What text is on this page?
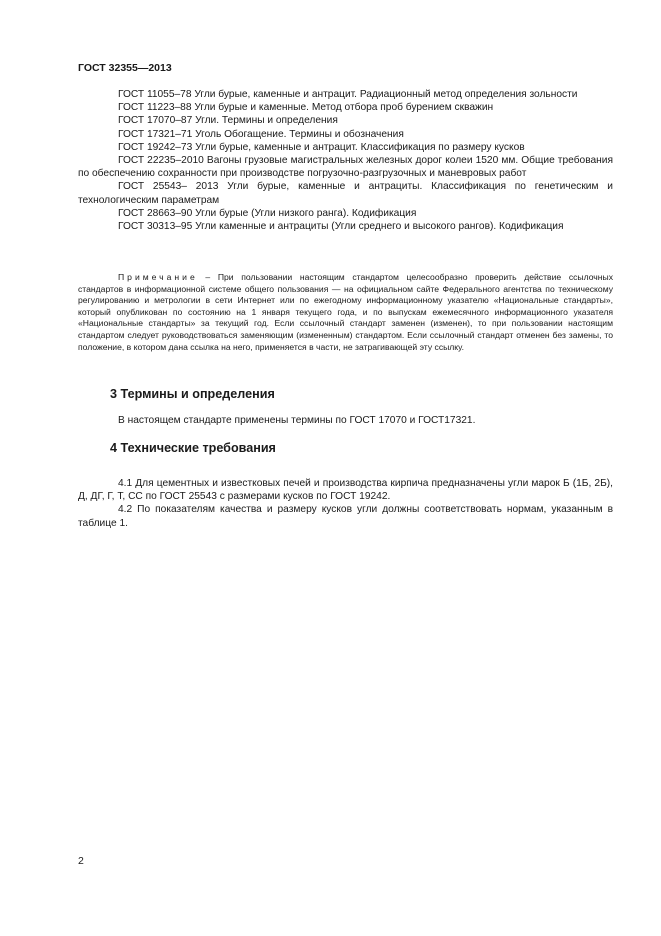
ГОСТ 32355—2013

ГОСТ 11055–78 Угли бурые, каменные и антрацит. Радиационный метод определения зольности

ГОСТ 11223–88 Угли бурые и каменные. Метод отбора проб бурением скважин

ГОСТ 17070–87 Угли. Термины и определения

ГОСТ 17321–71 Уголь Обогащение. Термины и обозначения

ГОСТ 19242–73 Угли бурые, каменные и антрацит. Классификация по размеру кусков

ГОСТ 22235–2010 Вагоны грузовые магистральных железных дорог колеи 1520 мм. Общие требования по обеспечению сохранности при производстве погрузочно-разгрузочных и маневровых работ

ГОСТ 25543– 2013 Угли бурые, каменные и антрациты. Классификация по генетическим и технологическим параметрам

ГОСТ 28663–90 Угли бурые (Угли низкого ранга). Кодификация

ГОСТ 30313–95 Угли каменные и антрациты (Угли среднего и высокого рангов). Кодификация

Примечание – При пользовании настоящим стандартом целесообразно проверить действие ссылочных стандартов в информационной системе общего пользования — на официальном сайте Федерального агентства по техническому регулированию и метрологии в сети Интернет или по ежегодному информационному указателю «Национальные стандарты», который опубликован по состоянию на 1 января текущего года, и по выпускам ежемесячного информационного указателя «Национальные стандарты» за текущий год. Если ссылочный стандарт заменен (изменен), то при пользовании настоящим стандартом следует руководствоваться заменяющим (измененным) стандартом. Если ссылочный стандарт отменен без замены, то положение, в котором дана ссылка на него, применяется в части, не затрагивающей эту ссылку.

3 Термины и определения

В настоящем стандарте применены термины по ГОСТ 17070 и ГОСТ17321.

4 Технические требования

4.1 Для цементных и известковых печей и производства кирпича предназначены угли марок Б (1Б, 2Б), Д, ДГ, Г, Т, СС по ГОСТ 25543 с размерами кусков по ГОСТ 19242.

4.2 По показателям качества и размеру кусков угли должны соответствовать нормам, указанным в таблице 1.

2
